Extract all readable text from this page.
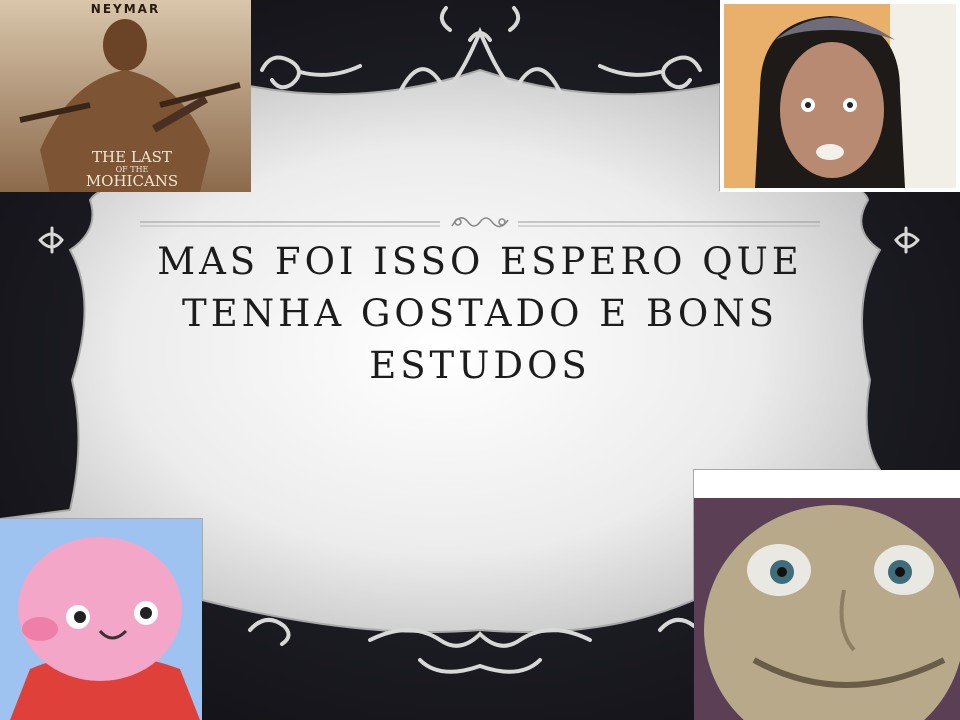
MAS FOI ISSO ESPERO QUE TENHA GOSTADO E BONS ESTUDOS
NEYMAR
THE LAST
OF THE
MOHICANS
